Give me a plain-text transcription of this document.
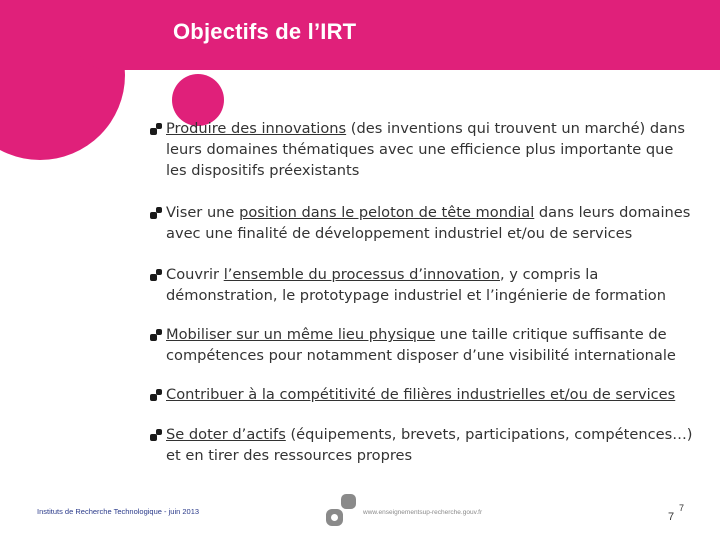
Objectifs de l’IRT
Produire des innovations (des inventions qui trouvent un marché) dans leurs domaines thématiques avec une efficience plus importante que les dispositifs préexistants
Viser une position dans le peloton de tête mondial dans leurs domaines avec une finalité de développement industriel et/ou de services
Couvrir l’ensemble du processus d’innovation, y compris la démonstration, le prototypage industriel et l’ingénierie de formation
Mobiliser sur un même lieu physique une taille critique suffisante de compétences pour notamment disposer d’une visibilité internationale
Contribuer à la compétitivité de filières industrielles et/ou de services
Se doter d’actifs (équipements, brevets, participations, compétences…) et en tirer des ressources propres
Instituts de Recherche Technologique - juin 2013	www.enseignementsup-recherche.gouv.fr	7
7
